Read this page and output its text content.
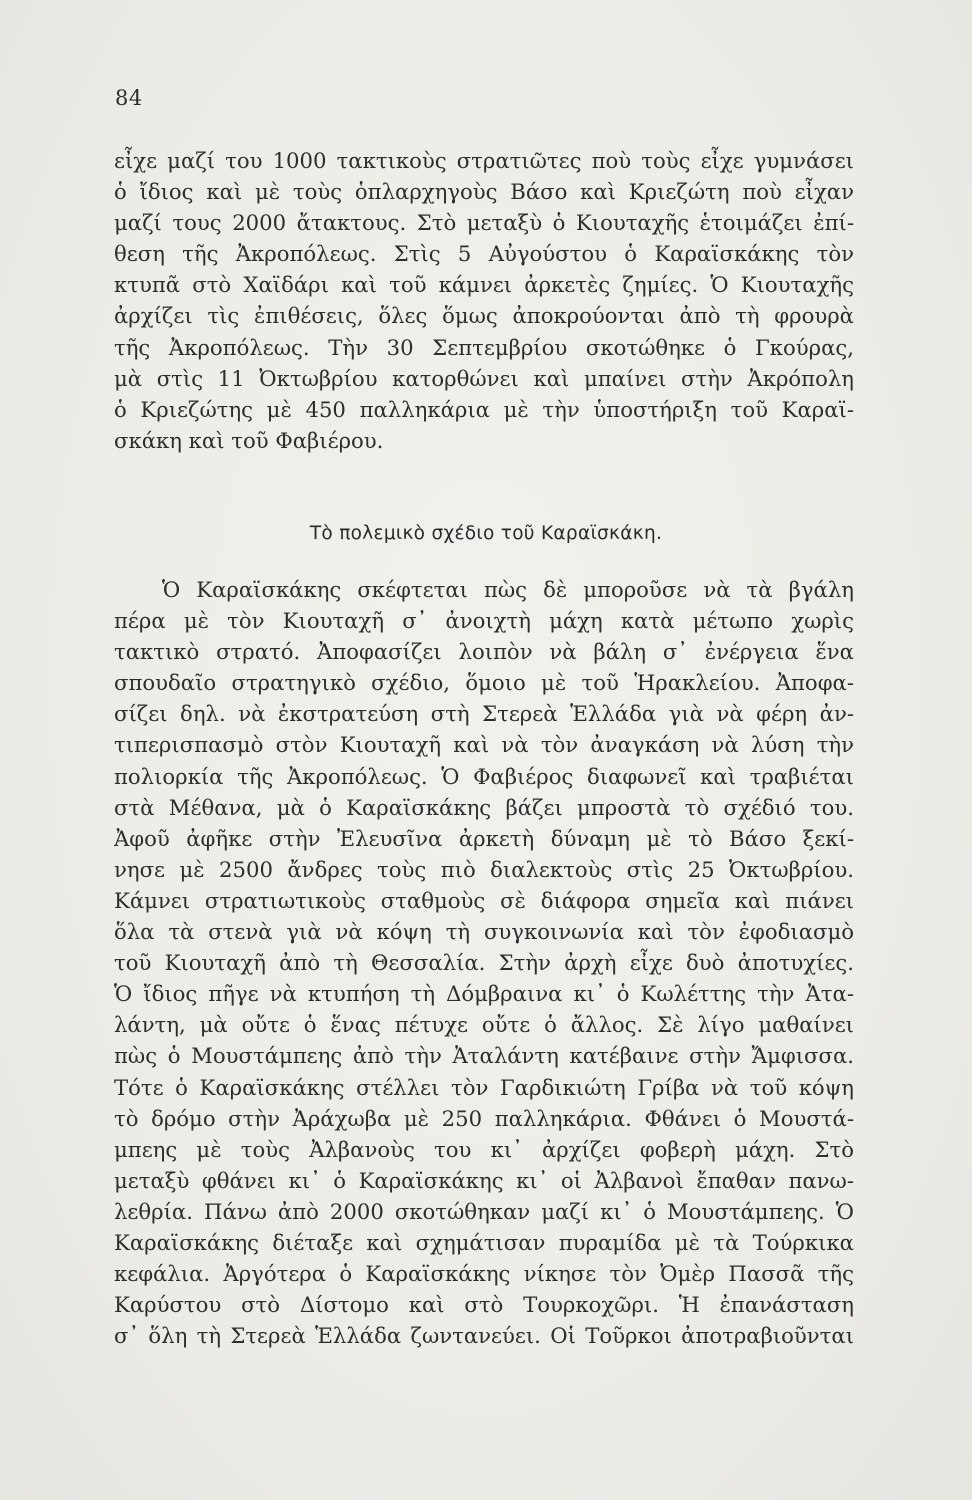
84
εἶχε μαζί του 1000 τακτικοὺς στρατιῶτες ποὺ τοὺς εἶχε γυμνάσει
ὁ ἴδιος καὶ μὲ τοὺς ὁπλαρχηγοὺς Βάσο καὶ Κριεζώτη ποὺ εἶχαν
μαζί τους 2000 ἄτακτους. Στὸ μεταξὺ ὁ Κιουταχῆς ἑτοιμάζει ἐπί-
θεση τῆς Ἀκροπόλεως. Στὶς 5 Αὐγούστου ὁ Καραϊσκάκης τὸν
κτυπᾶ στὸ Χαϊδάρι καὶ τοῦ κάμνει ἀρκετὲς ζημίες. Ὁ Κιουταχῆς
ἀρχίζει τὶς ἐπιθέσεις, ὅλες ὅμως ἀποκρούονται ἀπὸ τὴ φρουρὰ
τῆς Ἀκροπόλεως. Τὴν 30 Σεπτεμβρίου σκοτώθηκε ὁ Γκούρας,
μὰ στὶς 11 Ὀκτωβρίου κατορθώνει καὶ μπαίνει στὴν Ἀκρόπολη
ὁ Κριεζώτης μὲ 450 παλληκάρια μὲ τὴν ὑποστήριξη τοῦ Καραϊ-
σκάκη καὶ τοῦ Φαβιέρου.
Τὸ πολεμικὸ σχέδιο τοῦ Καραϊσκάκη.
Ὁ Καραϊσκάκης σκέφτεται πὼς δὲ μποροῦσε νὰ τὰ βγάλη
πέρα μὲ τὸν Κιουταχῆ σ᾽ ἀνοιχτὴ μάχη κατὰ μέτωπο χωρὶς
τακτικὸ στρατό. Ἀποφασίζει λοιπὸν νὰ βάλη σ᾽ ἐνέργεια ἕνα
σπουδαῖο στρατηγικὸ σχέδιο, ὅμοιο μὲ τοῦ Ἡρακλείου. Ἀποφα-
σίζει δηλ. νὰ ἐκστρατεύση στὴ Στερεὰ Ἑλλάδα γιὰ νὰ φέρη ἀν-
τιπερισπασμὸ στὸν Κιουταχῆ καὶ νὰ τὸν ἀναγκάση νὰ λύση τὴν
πολιορκία τῆς Ἀκροπόλεως. Ὁ Φαβιέρος διαφωνεῖ καὶ τραβιέται
στὰ Μέθανα, μὰ ὁ Καραϊσκάκης βάζει μπροστὰ τὸ σχέδιό του.
Ἀφοῦ ἀφῆκε στὴν Ἐλευσῖνα ἀρκετὴ δύναμη μὲ τὸ Βάσο ξεκί-
νησε μὲ 2500 ἄνδρες τοὺς πιὸ διαλεκτοὺς στὶς 25 Ὀκτωβρίου.
Κάμνει στρατιωτικοὺς σταθμοὺς σὲ διάφορα σημεῖα καὶ πιάνει
ὅλα τὰ στενὰ γιὰ νὰ κόψη τὴ συγκοινωνία καὶ τὸν ἐφοδιασμὸ
τοῦ Κιουταχῆ ἀπὸ τὴ Θεσσαλία. Στὴν ἀρχὴ εἶχε δυὸ ἀποτυχίες.
Ὁ ἴδιος πῆγε νὰ κτυπήση τὴ Δόμβραινα κι᾽ ὁ Κωλέττης τὴν Ἀτα-
λάντη, μὰ οὔτε ὁ ἕνας πέτυχε οὔτε ὁ ἄλλος. Σὲ λίγο μαθαίνει
πὼς ὁ Μουστάμπεης ἀπὸ τὴν Ἀταλάντη κατέβαινε στὴν Ἄμφισσα.
Τότε ὁ Καραϊσκάκης στέλλει τὸν Γαρδικιώτη Γρίβα νὰ τοῦ κόψη
τὸ δρόμο στὴν Ἀράχωβα μὲ 250 παλληκάρια. Φθάνει ὁ Μουστά-
μπεης μὲ τοὺς Ἀλβανοὺς του κι᾽ ἀρχίζει φοβερὴ μάχη. Στὸ
μεταξὺ φθάνει κι᾽ ὁ Καραϊσκάκης κι᾽ οἱ Ἀλβανοὶ ἔπαθαν πανω-
λεθρία. Πάνω ἀπὸ 2000 σκοτώθηκαν μαζί κι᾽ ὁ Μουστάμπεης. Ὁ
Καραϊσκάκης διέταξε καὶ σχημάτισαν πυραμίδα μὲ τὰ Τούρκικα
κεφάλια. Ἀργότερα ὁ Καραϊσκάκης νίκησε τὸν Ὀμὲρ Πασσᾶ τῆς
Καρύστου στὸ Δίστομο καὶ στὸ Τουρκοχῶρι. Ἡ ἐπανάσταση
σ᾽ ὅλη τὴ Στερεὰ Ἑλλάδα ζωντανεύει. Οἱ Τοῦρκοι ἀποτραβιοῦνται
